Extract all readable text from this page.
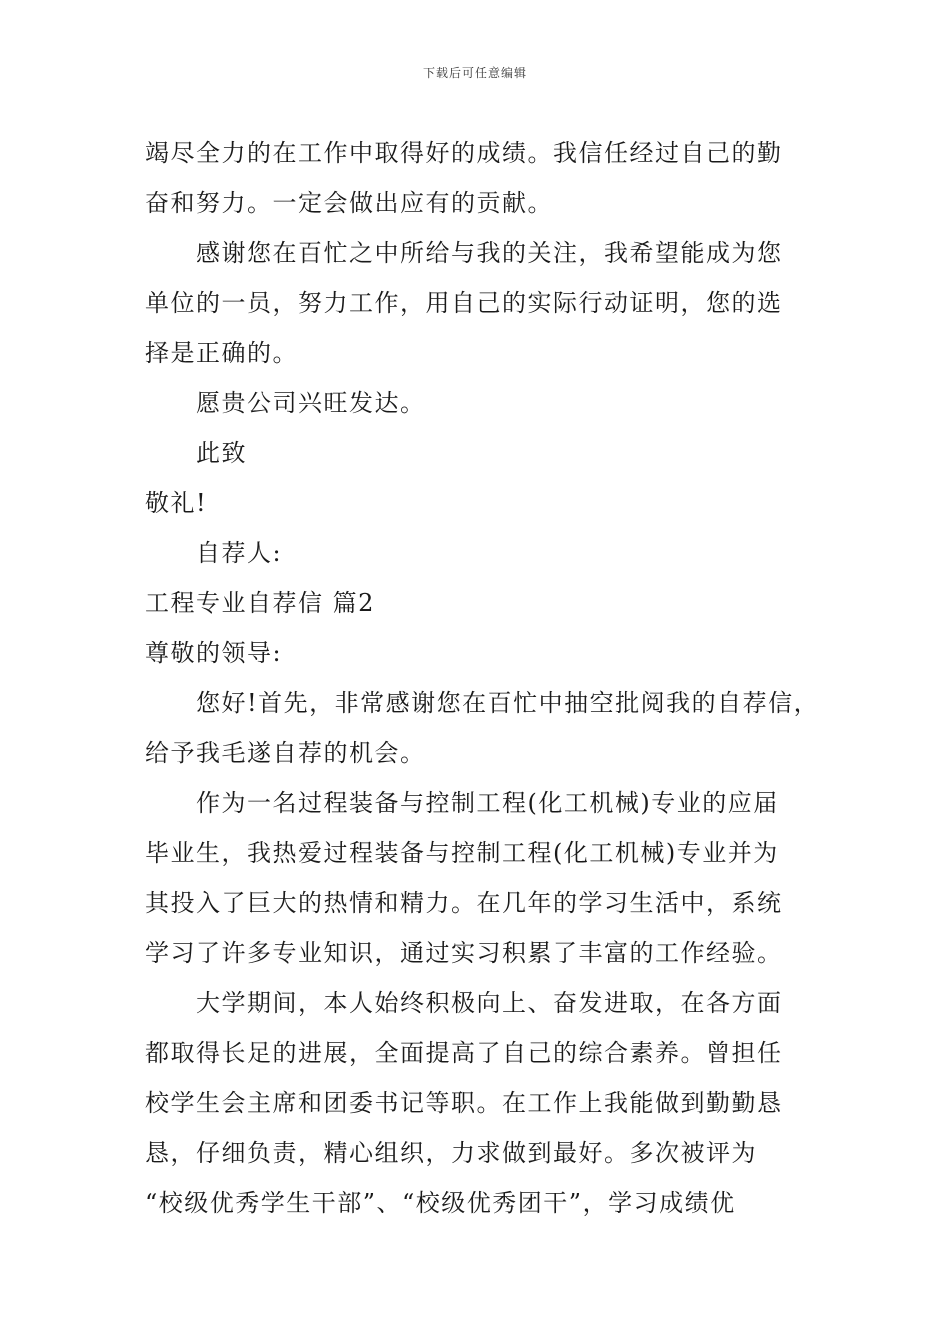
下载后可任意编辑
竭尽全力的在工作中取得好的成绩。我信任经过自己的勤
奋和努力。一定会做出应有的贡献。
感谢您在百忙之中所给与我的关注，我希望能成为您
单位的一员，努力工作，用自己的实际行动证明，您的选
择是正确的。
愿贵公司兴旺发达。
此致
敬礼!
自荐人:
工程专业自荐信 篇2
尊敬的领导:
您好!首先，非常感谢您在百忙中抽空批阅我的自荐信，
给予我毛遂自荐的机会。
作为一名过程装备与控制工程(化工机械)专业的应届
毕业生，我热爱过程装备与控制工程(化工机械)专业并为
其投入了巨大的热情和精力。在几年的学习生活中，系统
学习了许多专业知识，通过实习积累了丰富的工作经验。
大学期间，本人始终积极向上、奋发进取，在各方面
都取得长足的进展，全面提高了自己的综合素养。曾担任
校学生会主席和团委书记等职。在工作上我能做到勤勤恳
恳，仔细负责，精心组织，力求做到最好。多次被评为
“校级优秀学生干部”、“校级优秀团干”，学习成绩优
